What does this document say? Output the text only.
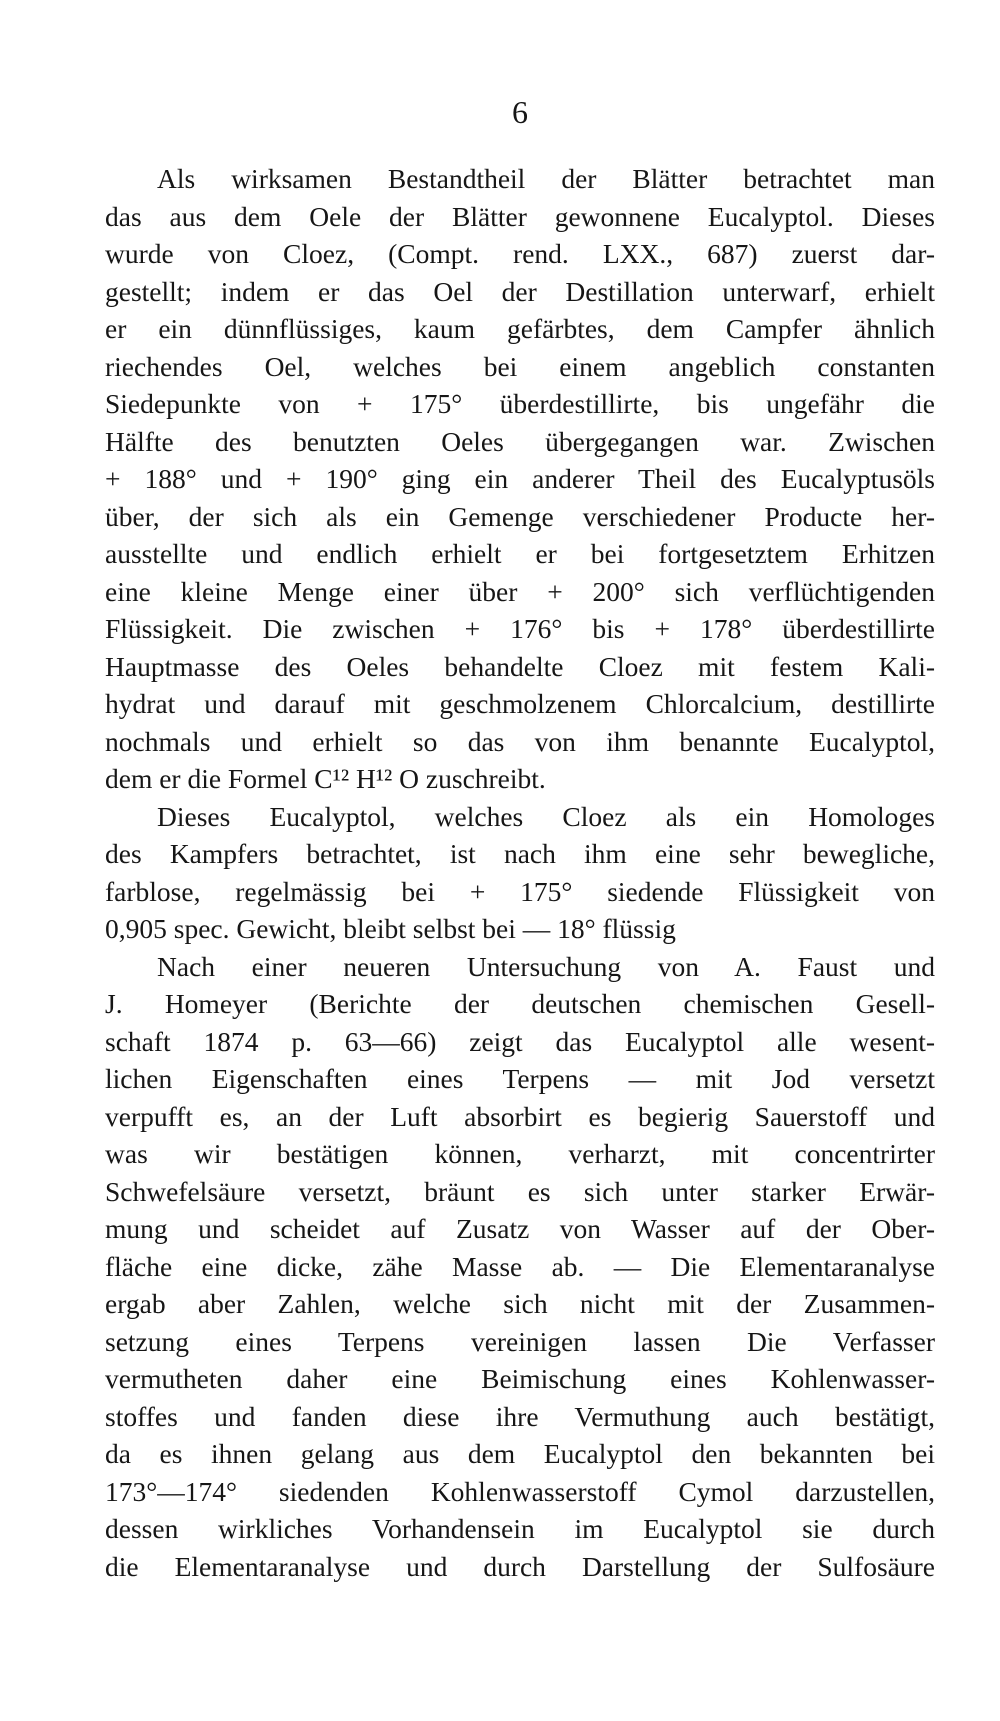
6
Als wirksamen Bestandtheil der Blätter betrachtet man
das aus dem Oele der Blätter gewonnene Eucalyptol. Dieses
wurde von Cloez, (Compt. rend. LXX., 687) zuerst dar-
gestellt; indem er das Oel der Destillation unterwarf, erhielt
er ein dünnflüssiges, kaum gefärbtes, dem Campfer ähnlich
riechendes Oel, welches bei einem angeblich constanten
Siedepunkte von + 175° überdestillirte, bis ungefähr die
Hälfte des benutzten Oeles übergegangen war. Zwischen
+ 188° und + 190° ging ein anderer Theil des Eucalyptusöls
über, der sich als ein Gemenge verschiedener Producte her-
ausstellte und endlich erhielt er bei fortgesetztem Erhitzen
eine kleine Menge einer über + 200° sich verflüchtigenden
Flüssigkeit. Die zwischen + 176° bis + 178° überdestillirte
Hauptmasse des Oeles behandelte Cloez mit festem Kali-
hydrat und darauf mit geschmolzenem Chlorcalcium, destillirte
nochmals und erhielt so das von ihm benannte Eucalyptol,
dem er die Formel C¹² H¹² O zuschreibt.
Dieses Eucalyptol, welches Cloez als ein Homologes
des Kampfers betrachtet, ist nach ihm eine sehr bewegliche,
farblose, regelmässig bei + 175° siedende Flüssigkeit von
0,905 spec. Gewicht, bleibt selbst bei — 18° flüssig
Nach einer neueren Untersuchung von A. Faust und
J. Homeyer (Berichte der deutschen chemischen Gesell-
schaft 1874 p. 63—66) zeigt das Eucalyptol alle wesent-
lichen Eigenschaften eines Terpens — mit Jod versetzt
verpufft es, an der Luft absorbirt es begierig Sauerstoff und
was wir bestätigen können, verharzt, mit concentrirter
Schwefelsäure versetzt, bräunt es sich unter starker Erwär-
mung und scheidet auf Zusatz von Wasser auf der Ober-
fläche eine dicke, zähe Masse ab. — Die Elementaranalyse
ergab aber Zahlen, welche sich nicht mit der Zusammen-
setzung eines Terpens vereinigen lassen Die Verfasser
vermutheten daher eine Beimischung eines Kohlenwasser-
stoffes und fanden diese ihre Vermuthung auch bestätigt,
da es ihnen gelang aus dem Eucalyptol den bekannten bei
173°—174° siedenden Kohlenwasserstoff Cymol darzustellen,
dessen wirkliches Vorhandensein im Eucalyptol sie durch
die Elementaranalyse und durch Darstellung der Sulfosäure
